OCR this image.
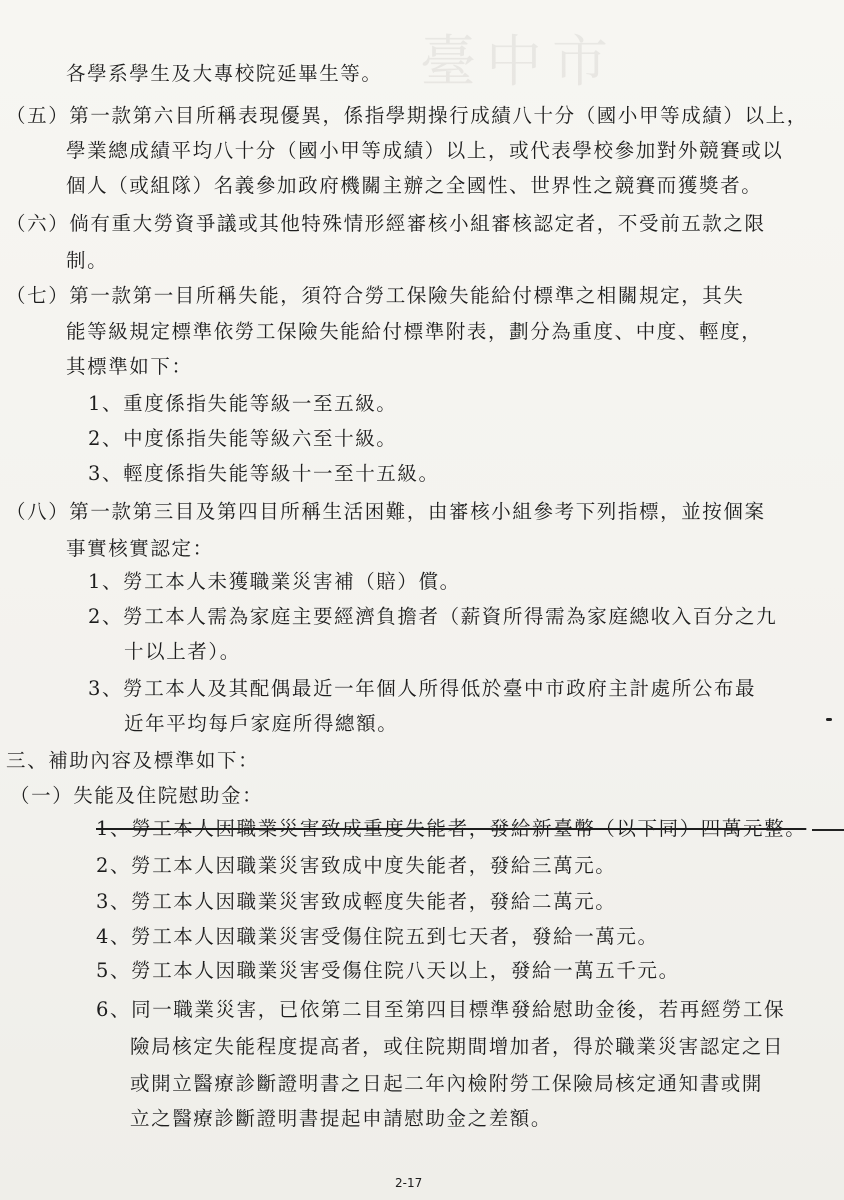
臺中市
各學系學生及大專校院延畢生等。
（五）第一款第六目所稱表現優異，係指學期操行成績八十分（國小甲等成績）以上，
學業總成績平均八十分（國小甲等成績）以上，或代表學校參加對外競賽或以
個人（或組隊）名義參加政府機關主辦之全國性、世界性之競賽而獲獎者。
（六）倘有重大勞資爭議或其他特殊情形經審核小組審核認定者，不受前五款之限
制。
（七）第一款第一目所稱失能，須符合勞工保險失能給付標準之相關規定，其失
能等級規定標準依勞工保險失能給付標準附表，劃分為重度、中度、輕度，
其標準如下：
1、重度係指失能等級一至五級。
2、中度係指失能等級六至十級。
3、輕度係指失能等級十一至十五級。
（八）第一款第三目及第四目所稱生活困難，由審核小組參考下列指標，並按個案
事實核實認定：
1、勞工本人未獲職業災害補（賠）償。
2、勞工本人需為家庭主要經濟負擔者（薪資所得需為家庭總收入百分之九
十以上者）。
3、勞工本人及其配偶最近一年個人所得低於臺中市政府主計處所公布最
近年平均每戶家庭所得總額。
三、補助內容及標準如下：
（一）失能及住院慰助金：
1、勞工本人因職業災害致成重度失能者，發給新臺幣（以下同）四萬元整。
2、勞工本人因職業災害致成中度失能者，發給三萬元。
3、勞工本人因職業災害致成輕度失能者，發給二萬元。
4、勞工本人因職業災害受傷住院五到七天者，發給一萬元。
5、勞工本人因職業災害受傷住院八天以上，發給一萬五千元。
6、同一職業災害，已依第二目至第四目標準發給慰助金後，若再經勞工保
險局核定失能程度提高者，或住院期間增加者，得於職業災害認定之日
或開立醫療診斷證明書之日起二年內檢附勞工保險局核定通知書或開
立之醫療診斷證明書提起申請慰助金之差額。
2-17
